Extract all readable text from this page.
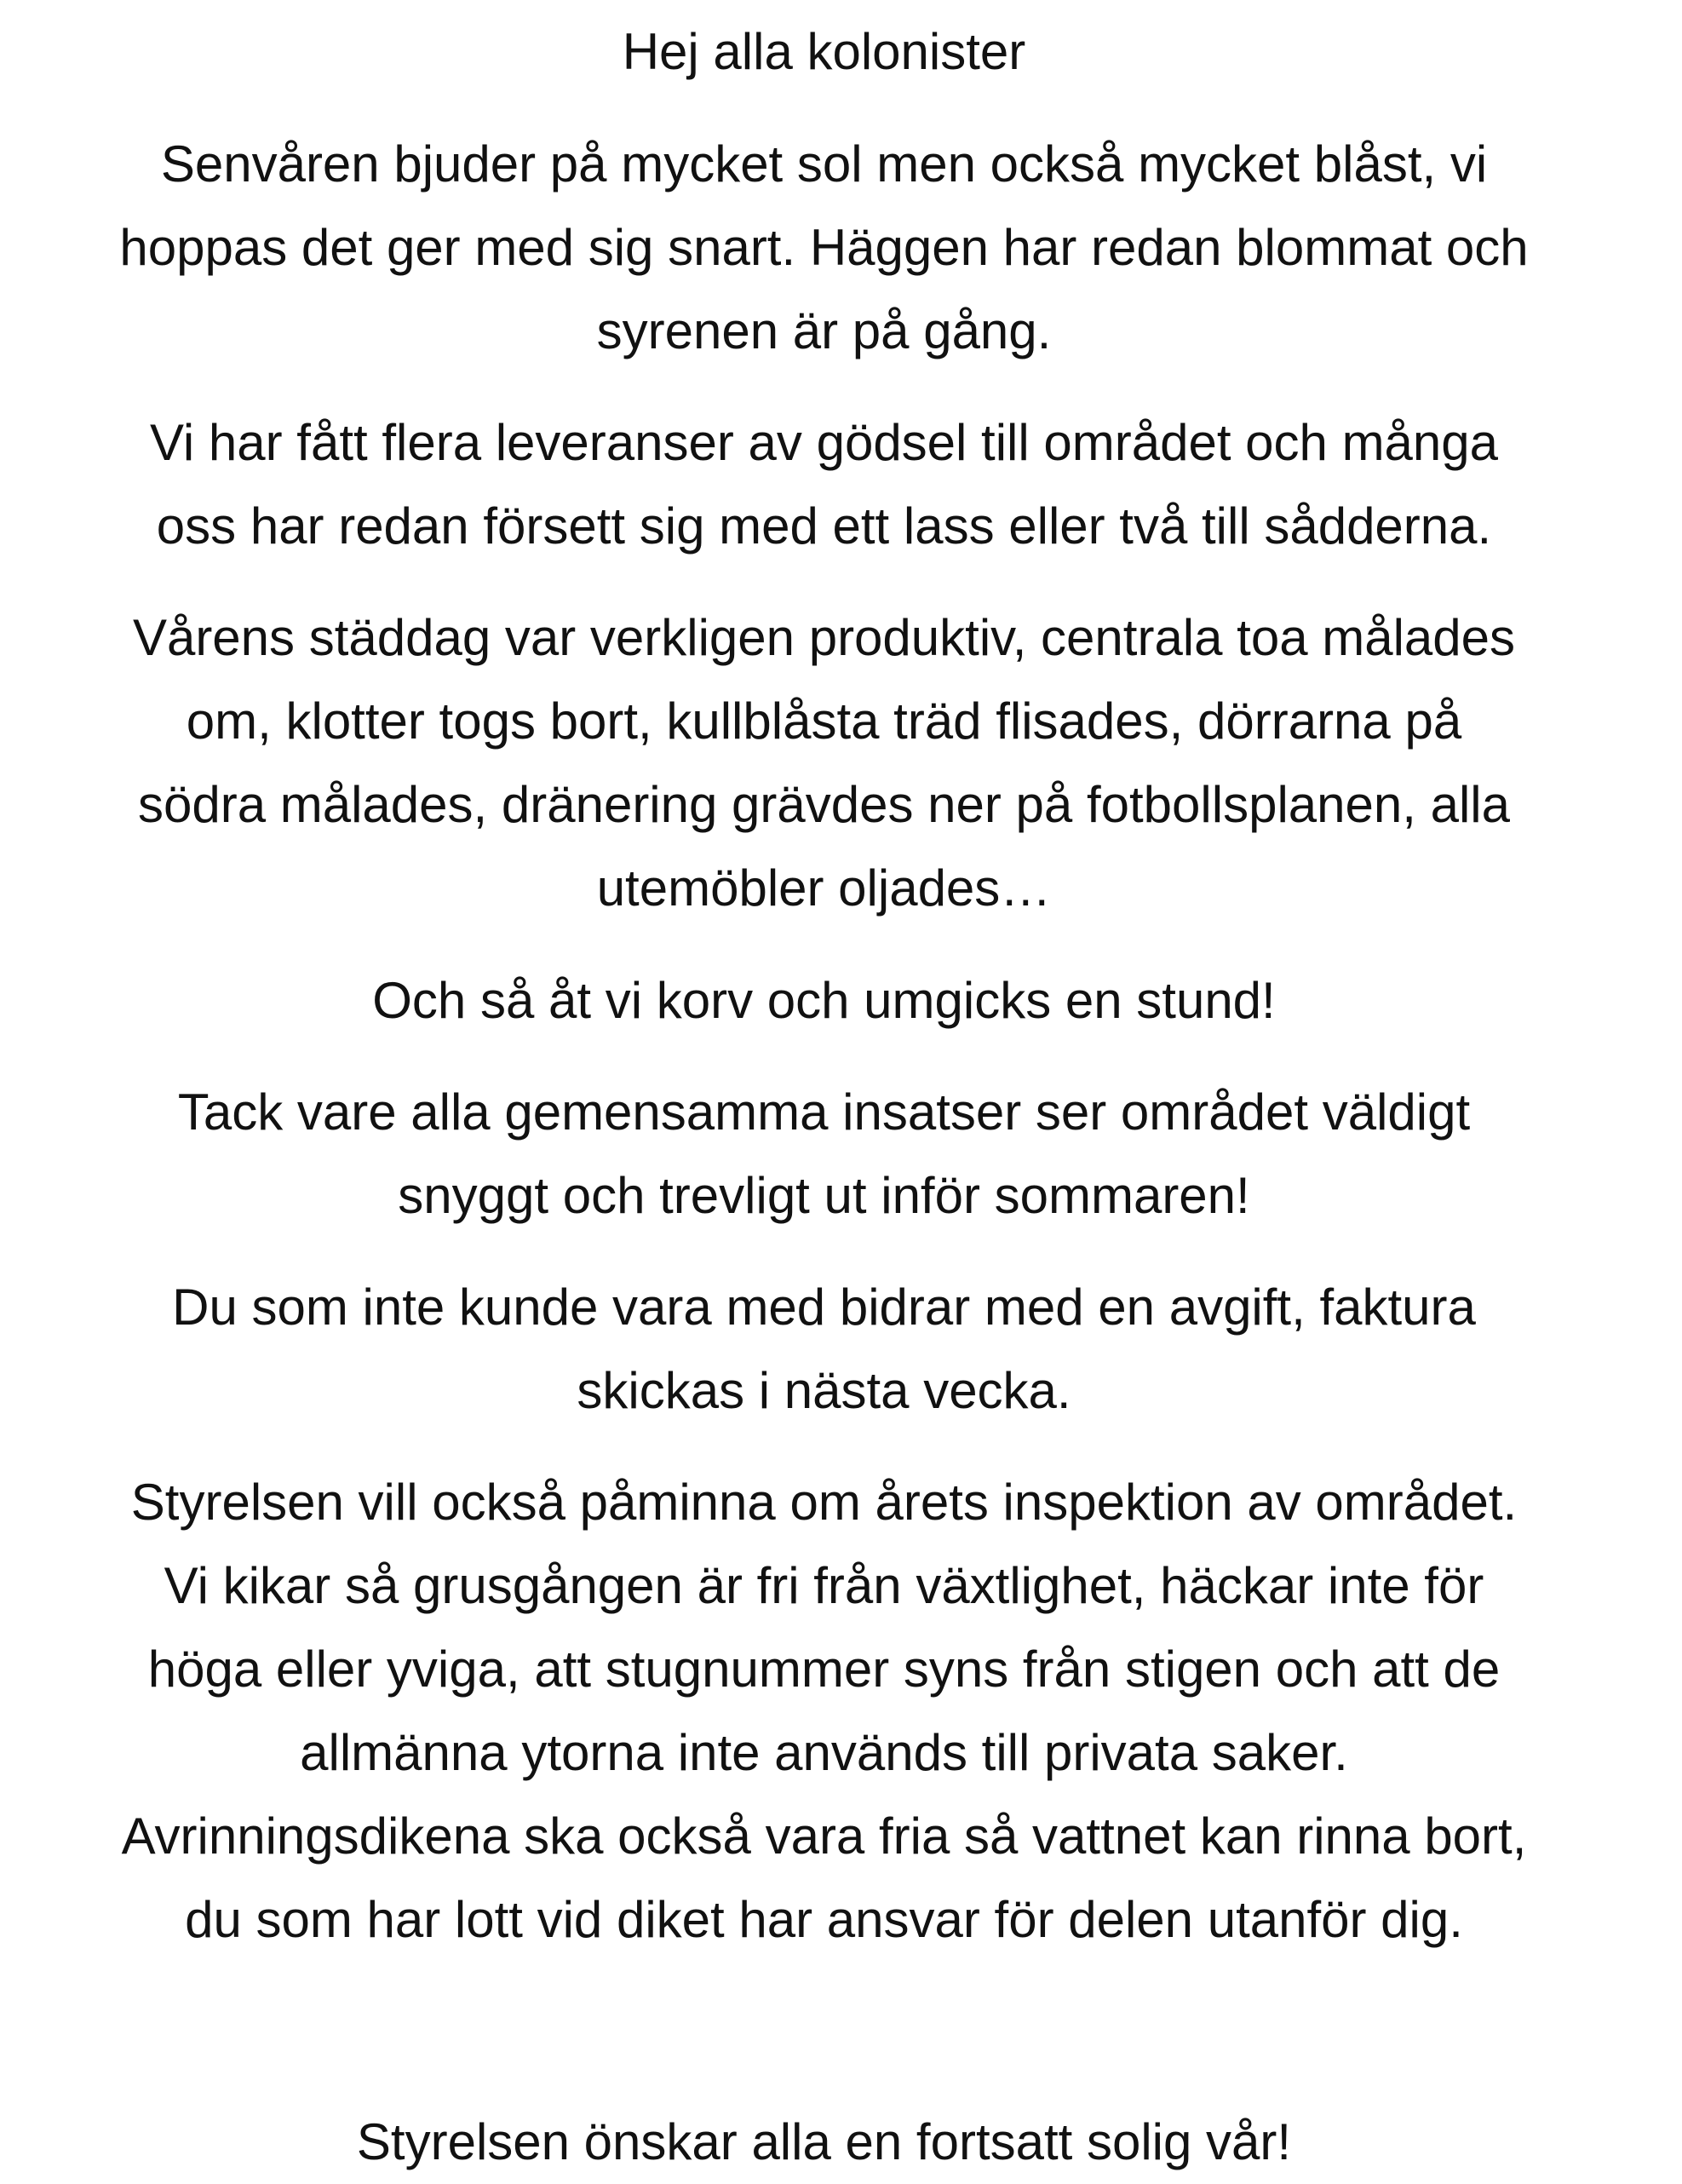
Hej alla kolonister

Senvåren bjuder på mycket sol men också mycket blåst, vi
hoppas det ger med sig snart. Häggen har redan blommat och
syrenen är på gång.

Vi har fått flera leveranser av gödsel till området och många
oss har redan försett sig med ett lass eller två till sådderna.

Vårens städdag var verkligen produktiv, centrala toa målades
om, klotter togs bort, kullblåsta träd flisades, dörrarna på
södra målades, dränering grävdes ner på fotbollsplanen, alla
utemöbler oljades…

Och så åt vi korv och umgicks en stund!

Tack vare alla gemensamma insatser ser området väldigt
snyggt och trevligt ut inför sommaren!

Du som inte kunde vara med bidrar med en avgift, faktura
skickas i nästa vecka.

Styrelsen vill också påminna om årets inspektion av området.
Vi kikar så grusgången är fri från växtlighet, häckar inte för
höga eller yviga, att stugnummer syns från stigen och att de
allmänna ytorna inte används till privata saker.
Avrinningsdikena ska också vara fria så vattnet kan rinna bort,
du som har lott vid diket har ansvar för delen utanför dig.

Styrelsen önskar alla en fortsatt solig vår!
